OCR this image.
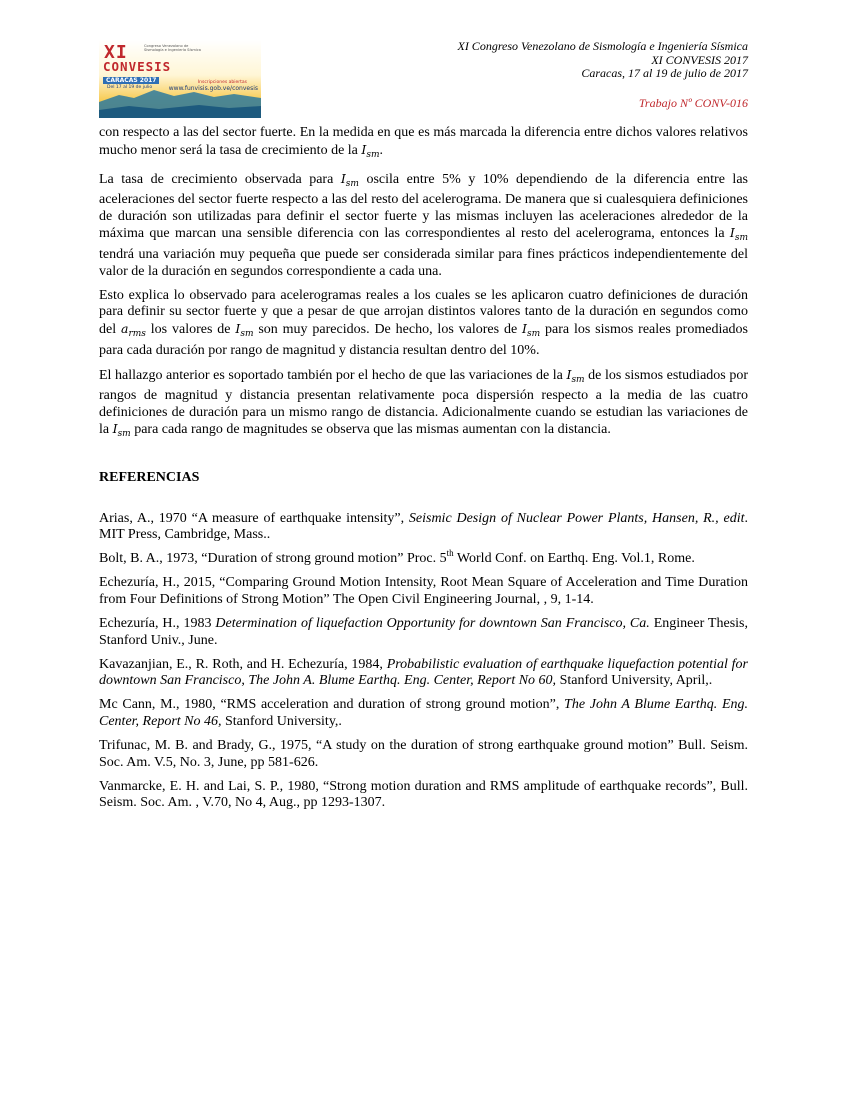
XI	Congreso Venezolano de Sismología e Ingeniería Sísmica
CONVESIS
CARACAS 2017
Del 17 al 19 de julio
Inscripciones abiertas
www.funvisis.gob.ve/convesis
XI Congreso Venezolano de Sismología e Ingeniería Sísmica
XI CONVESIS 2017
Caracas, 17 al 19 de julio de 2017
Trabajo Nº CONV-016

con respecto a las del sector fuerte. En la medida en que es más marcada la diferencia entre dichos valores relativos mucho menor será la tasa de crecimiento de la $I_{sm}$.

La tasa de crecimiento observada para $I_{sm}$ oscila entre 5% y 10% dependiendo de la diferencia entre las aceleraciones del sector fuerte respecto a las del resto del acelerograma. De manera que si cualesquiera definiciones de duración son utilizadas para definir el sector fuerte y las mismas incluyen las aceleraciones alrededor de la máxima que marcan una sensible diferencia con las correspondientes al resto del acelerograma, entonces la $I_{sm}$ tendrá una variación muy pequeña que puede ser considerada similar para fines prácticos independientemente del valor de la duración en segundos correspondiente a cada una.

Esto explica lo observado para acelerogramas reales a los cuales se les aplicaron cuatro definiciones de duración para definir su sector fuerte y que a pesar de que arrojan distintos valores tanto de la duración en segundos como del $a_{rms}$ los valores de $I_{sm}$ son muy parecidos. De hecho, los valores de $I_{sm}$ para los sismos reales promediados para cada duración por rango de magnitud y distancia resultan dentro del 10%.

El hallazgo anterior es soportado también por el hecho de que las variaciones de la $I_{sm}$ de los sismos estudiados por rangos de magnitud y distancia presentan relativamente poca dispersión respecto a la media de las cuatro definiciones de duración para un mismo rango de distancia. Adicionalmente cuando se estudian las variaciones de la $I_{sm}$ para cada rango de magnitudes se observa que las mismas aumentan con la distancia.

REFERENCIAS

Arias, A., 1970 “A measure of earthquake intensity”, Seismic Design of Nuclear Power Plants, Hansen, R., edit. MIT Press, Cambridge, Mass..

Bolt, B. A., 1973, “Duration of strong ground motion” Proc. 5th World Conf. on Earthq. Eng. Vol.1, Rome.

Echezuría, H., 2015, “Comparing Ground Motion Intensity, Root Mean Square of Acceleration and Time Duration from Four Definitions of Strong Motion” The Open Civil Engineering Journal, , 9, 1-14.

Echezuría, H., 1983 Determination of liquefaction Opportunity for downtown San Francisco, Ca. Engineer Thesis, Stanford Univ., June.

Kavazanjian, E., R. Roth, and H. Echezuría, 1984, Probabilistic evaluation of earthquake liquefaction potential for downtown San Francisco, The John A. Blume Earthq. Eng. Center, Report No 60, Stanford University, April,.

Mc Cann, M., 1980, “RMS acceleration and duration of strong ground motion”, The John A Blume Earthq. Eng. Center, Report No 46, Stanford University,.

Trifunac, M. B. and Brady, G., 1975, “A study on the duration of strong earthquake ground motion” Bull. Seism. Soc. Am. V.5, No. 3, June, pp 581-626.

Vanmarcke, E. H. and Lai, S. P., 1980, “Strong motion duration and RMS amplitude of earthquake records”, Bull. Seism. Soc. Am. , V.70, No 4, Aug., pp 1293-1307.
